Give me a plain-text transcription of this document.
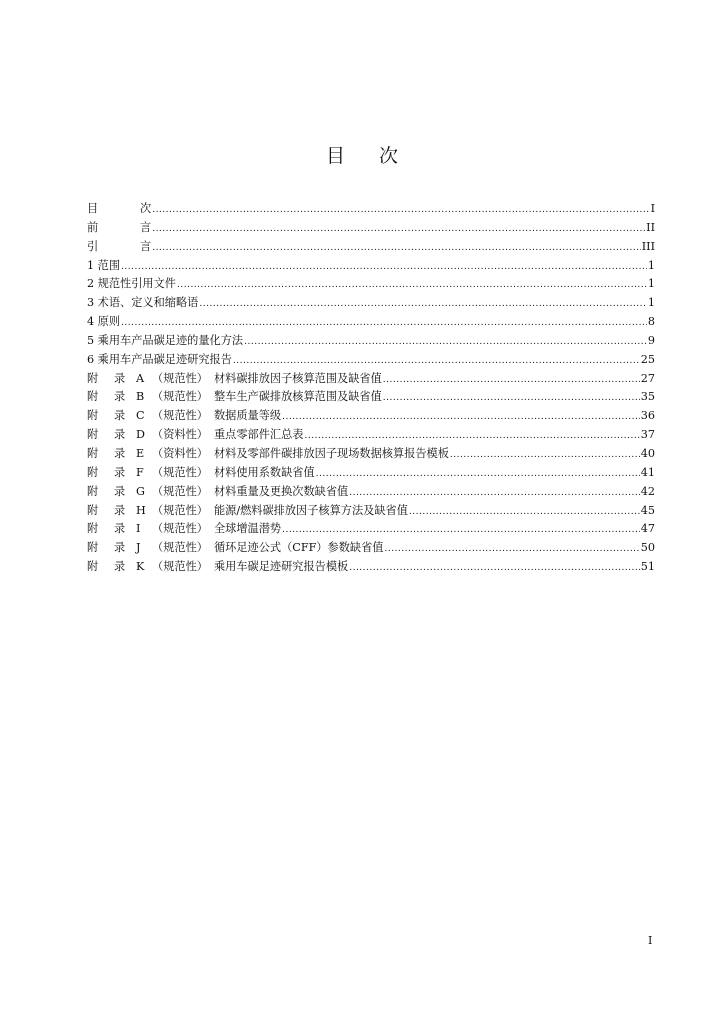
目 次
目	次 .....	I
前	言 .....	II
引	言 .....	III
1 范围 .....	1
2 规范性引用文件 .....	1
3 术语、定义和缩略语 .....	1
4 原则 .....	8
5 乘用车产品碳足迹的量化方法 .....	9
6 乘用车产品碳足迹研究报告 .....	25
附 录 A （规范性） 材料碳排放因子核算范围及缺省值 .....	27
附 录 B （规范性） 整车生产碳排放核算范围及缺省值 .....	35
附 录 C （规范性） 数据质量等级 .....	36
附 录 D （资料性） 重点零部件汇总表 .....	37
附 录 E （资料性） 材料及零部件碳排放因子现场数据核算报告模板 .....	40
附 录 F （规范性） 材料使用系数缺省值 .....	41
附 录 G （规范性） 材料重量及更换次数缺省值 .....	42
附 录 H （规范性） 能源/燃料碳排放因子核算方法及缺省值 .....	45
附 录 I （规范性） 全球增温潜势 .....	47
附 录 J （规范性） 循环足迹公式（CFF）参数缺省值 .....	50
附 录 K （规范性） 乘用车碳足迹研究报告模板 .....	51
I
